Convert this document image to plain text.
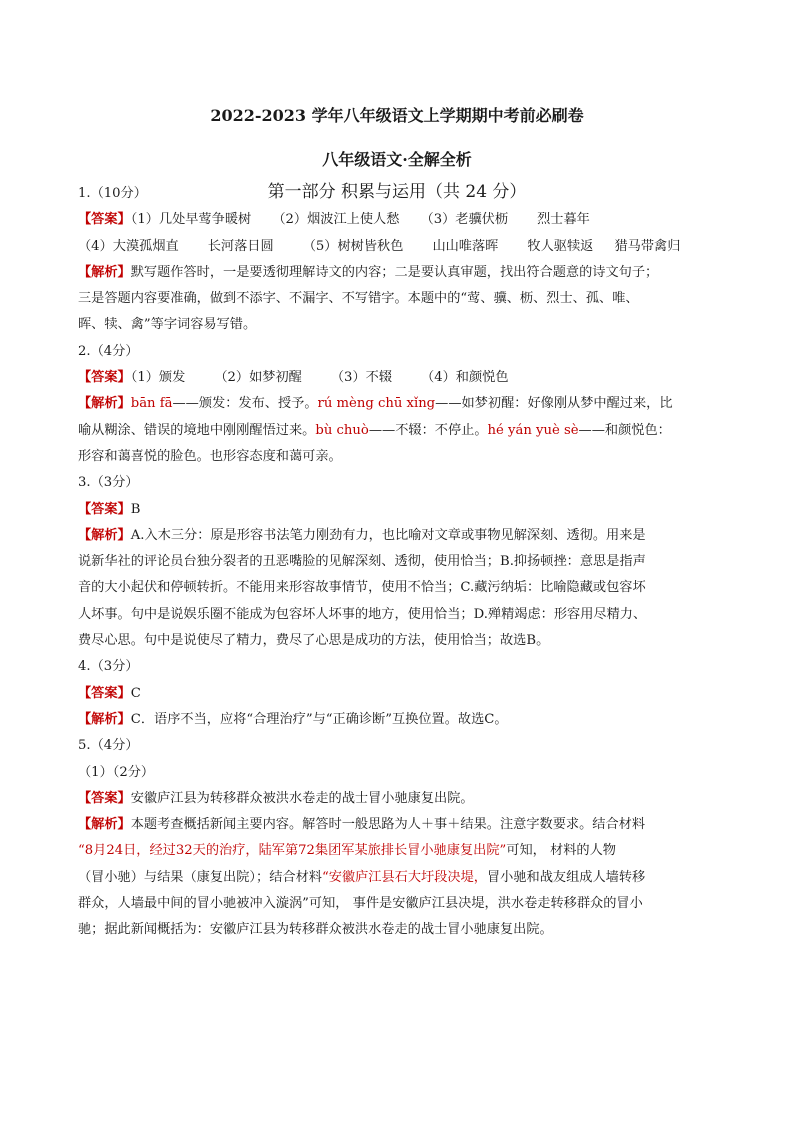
2022-2023 学年八年级语文上学期期中考前必刷卷

八年级语文·全解全析

第一部分 积累与运用（共 24 分）

1.（10分）
【答案】（1）几处早莺争暖树 （2）烟波江上使人愁 （3）老骥伏枥 烈士暮年
（4）大漠孤烟直 长河落日圆 （5）树树皆秋色 山山唯落晖 牧人驱犊返 猎马带禽归
【解析】默写题作答时，一是要透彻理解诗文的内容；二是要认真审题，找出符合题意的诗文句子；
三是答题内容要准确，做到不添字、不漏字、不写错字。本题中的“莺、骥、枥、烈士、孤、唯、
晖、犊、禽”等字词容易写错。
2.（4分）
【答案】（1）颁发 （2）如梦初醒 （3）不辍 （4）和颜悦色
【解析】bān fā——颁发：发布、授予。rú mèng chū xǐng——如梦初醒：好像刚从梦中醒过来，比
喻从糊涂、错误的境地中刚刚醒悟过来。bù chuò——不辍：不停止。hé yán yuè sè——和颜悦色：
形容和蔼喜悦的脸色。也形容态度和蔼可亲。
3.（3分）
【答案】B
【解析】A.入木三分：原是形容书法笔力刚劲有力，也比喻对文章或事物见解深刻、透彻。用来是
说新华社的评论员台独分裂者的丑恶嘴脸的见解深刻、透彻，使用恰当；B.抑扬顿挫：意思是指声
音的大小起伏和停顿转折。不能用来形容故事情节，使用不恰当；C.藏污纳垢：比喻隐藏或包容坏
人坏事。句中是说娱乐圈不能成为包容坏人坏事的地方，使用恰当；D.殚精竭虑：形容用尽精力、
费尽心思。句中是说使尽了精力，费尽了心思是成功的方法，使用恰当；故选B。
4.（3分）
【答案】C
【解析】C．语序不当，应将“合理治疗”与“正确诊断”互换位置。故选C。
5.（4分）
（1）（2分）
【答案】安徽庐江县为转移群众被洪水卷走的战士冒小驰康复出院。
【解析】本题考查概括新闻主要内容。解答时一般思路为人＋事＋结果。注意字数要求。结合材料
“8月24日，经过32天的治疗，陆军第72集团军某旅排长冒小驰康复出院”可知， 材料的人物
（冒小驰）与结果（康复出院）；结合材料“安徽庐江县石大圩段决堤，冒小驰和战友组成人墙转移
群众，人墙最中间的冒小驰被冲入漩涡”可知， 事件是安徽庐江县决堤，洪水卷走转移群众的冒小
驰；据此新闻概括为：安徽庐江县为转移群众被洪水卷走的战士冒小驰康复出院。
